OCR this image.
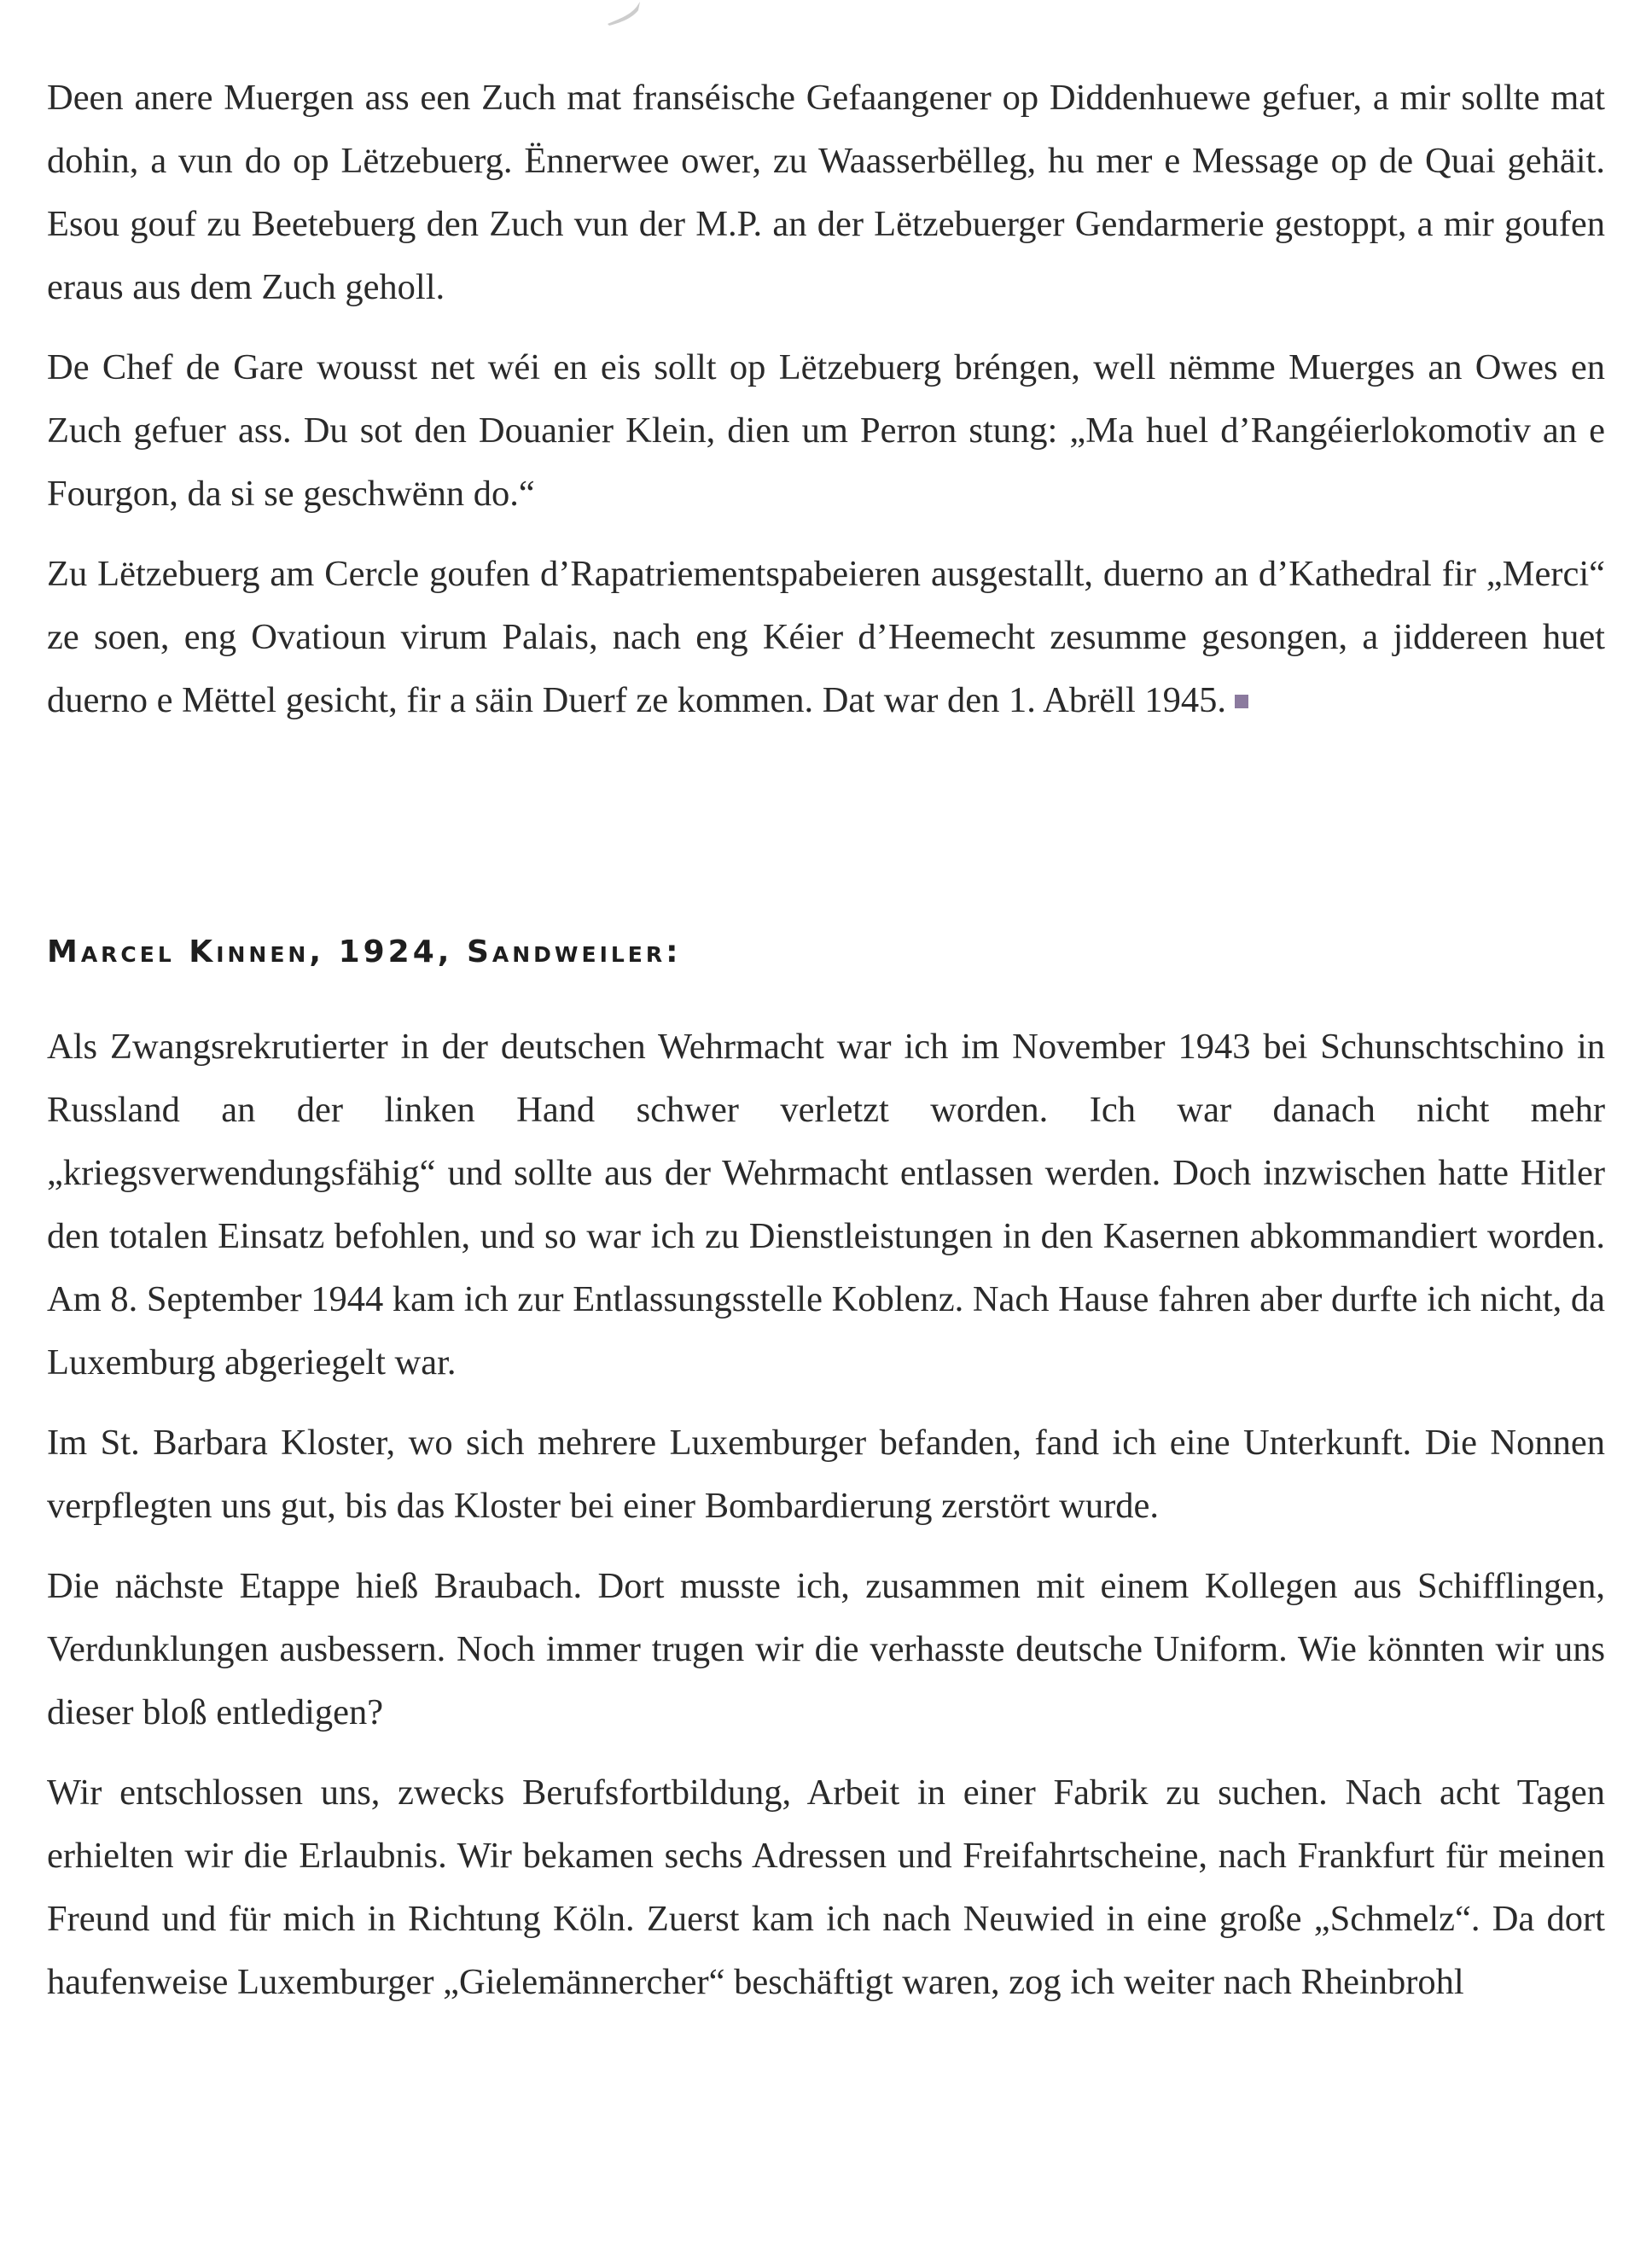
Deen anere Muergen ass een Zuch mat franséische Gefaangener op Diddenhuewe gefuer, a mir sollte mat dohin, a vun do op Lëtzebuerg. Ënnerwee ower, zu Waasserbëlleg, hu mer e Message op de Quai gehäit. Esou gouf zu Beetebuerg den Zuch vun der M.P. an der Lëtzebuerger Gendarmerie gestoppt, a mir goufen eraus aus dem Zuch geholl.

De Chef de Gare wousst net wéi en eis sollt op Lëtzebuerg bréngen, well nëmme Muerges an Owes en Zuch gefuer ass. Du sot den Douanier Klein, dien um Perron stung: „Ma huel d’Rangéierlokomotiv an e Fourgon, da si se geschwënn do.“

Zu Lëtzebuerg am Cercle goufen d’Rapatriementspabeieren ausgestallt, duerno an d’Kathedral fir „Merci“ ze soen, eng Ovatioun virum Palais, nach eng Kéier d’Heemecht zesumme gesongen, a jiddereen huet duerno e Mëttel gesicht, fir a säin Duerf ze kommen. Dat war den 1. Abrëll 1945.

Marcel Kinnen, 1924, Sandweiler:

Als Zwangsrekrutierter in der deutschen Wehrmacht war ich im November 1943 bei Schunschtschino in Russland an der linken Hand schwer verletzt worden. Ich war danach nicht mehr „kriegsverwendungsfähig“ und sollte aus der Wehrmacht entlassen werden. Doch inzwischen hatte Hitler den totalen Einsatz befohlen, und so war ich zu Dienstleistungen in den Kasernen abkommandiert worden. Am 8. September 1944 kam ich zur Entlassungsstelle Koblenz. Nach Hause fahren aber durfte ich nicht, da Luxemburg abgeriegelt war.

Im St. Barbara Kloster, wo sich mehrere Luxemburger befanden, fand ich eine Unterkunft. Die Nonnen verpflegten uns gut, bis das Kloster bei einer Bombardierung zerstört wurde.

Die nächste Etappe hieß Braubach. Dort musste ich, zusammen mit einem Kollegen aus Schifflingen, Verdunklungen ausbessern. Noch immer trugen wir die verhasste deutsche Uniform. Wie könnten wir uns dieser bloß entledigen?

Wir entschlossen uns, zwecks Berufsfortbildung, Arbeit in einer Fabrik zu suchen. Nach acht Tagen erhielten wir die Erlaubnis. Wir bekamen sechs Adressen und Freifahrtscheine, nach Frankfurt für meinen Freund und für mich in Richtung Köln. Zuerst kam ich nach Neuwied in eine große „Schmelz“. Da dort haufenweise Luxemburger „Gielemännercher“ beschäftigt waren, zog ich weiter nach Rheinbrohl
